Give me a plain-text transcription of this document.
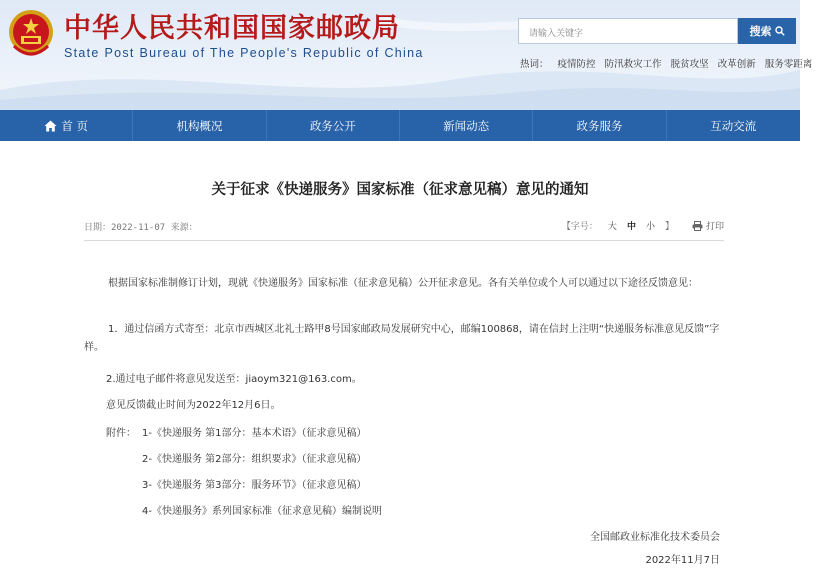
中华人民共和国国家邮政局
State Post Bureau of The People's Republic of China
请输入关键字	搜索
热词： 疫情防控 防汛救灾工作 脱贫攻坚 改革创新 服务零距离
首 页	机构概况	政务公开	新闻动态	政务服务	互动交流
关于征求《快递服务》国家标准（征求意见稿）意见的通知
日期：2022-11-07 来源：	【字号： 大 中 小 】	打印
根据国家标准制修订计划，现就《快递服务》国家标准（征求意见稿）公开征求意见。各有关单位或个人可以通过以下途径反馈意见：
1．通过信函方式寄至：北京市西城区北礼士路甲8号国家邮政局发展研究中心，邮编100868，请在信封上注明“快递服务标准意见反馈”字样。
2.通过电子邮件将意见发送至：jiaoym321@163.com。
意见反馈截止时间为2022年12月6日。
附件： 1-《快递服务 第1部分：基本术语》（征求意见稿）
2-《快递服务 第2部分：组织要求》（征求意见稿）
3-《快递服务 第3部分：服务环节》（征求意见稿）
4-《快递服务》系列国家标准（征求意见稿）编制说明
全国邮政业标准化技术委员会
2022年11月7日
